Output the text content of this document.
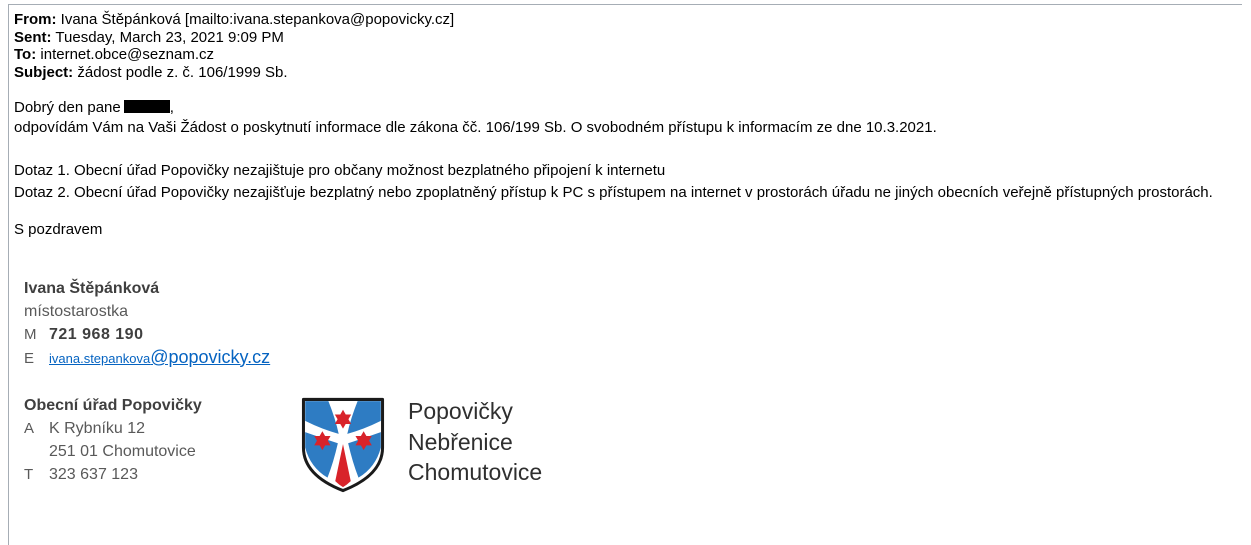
From: Ivana Štěpánková [mailto:ivana.stepankova@popovicky.cz]
Sent: Tuesday, March 23, 2021 9:09 PM
To: internet.obce@seznam.cz
Subject: žádost podle z. č. 106/1999 Sb.
Dobrý den pane	,
odpovídám Vám na Vaši Žádost o poskytnutí informace dle zákona čč. 106/199 Sb. O svobodném přístupu k informacím ze dne 10.3.2021.
Dotaz 1. Obecní úřad Popovičky nezajištuje pro občany možnost bezplatného připojení k internetu
Dotaz 2. Obecní úřad Popovičky nezajišťuje bezplatný nebo zpoplatněný přístup k PC s přístupem na internet v prostorách úřadu ne jiných obecních veřejně přístupných prostorách.
S pozdravem
Ivana Štěpánková
místostarostka
M 721 968 190
E	ivana.stepankova@popovicky.cz
Obecní úřad Popovičky
A K Rybníku 12
251 01 Chomutovice
T 323 637 123
Popovičky
Nebřenice
Chomutovice
